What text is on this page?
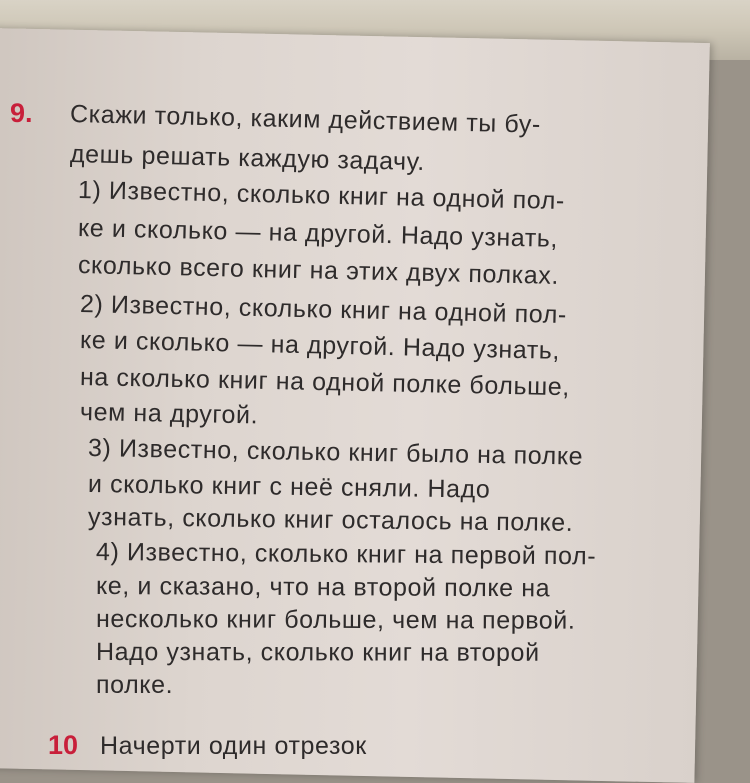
9. Скажи только, каким действием ты бу-
дешь решать каждую задачу.
1) Известно, сколько книг на одной пол-
ке и сколько — на другой. Надо узнать,
сколько всего книг на этих двух полках.
2) Известно, сколько книг на одной пол-
ке и сколько — на другой. Надо узнать,
на сколько книг на одной полке больше,
чем на другой.
3) Известно, сколько книг было на полке
и сколько книг с неё сняли. Надо
узнать, сколько книг осталось на полке.
4) Известно, сколько книг на первой пол-
ке, и сказано, что на второй полке на
несколько книг больше, чем на первой.
Надо узнать, сколько книг на второй
полке.
10 Начерти один отрезок
